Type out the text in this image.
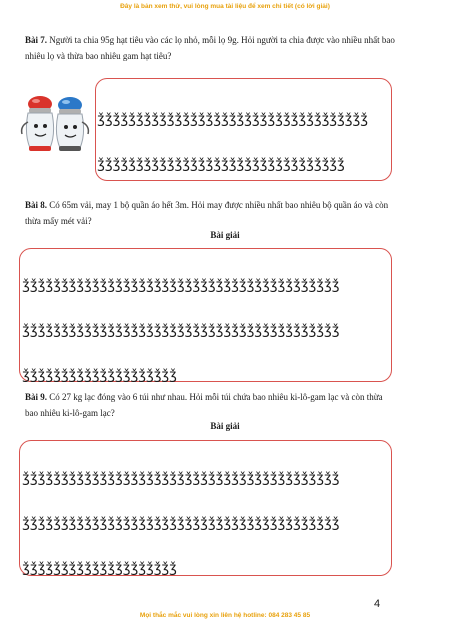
Đây là bản xem thử, vui lòng mua tài liệu để xem chi tiết (có lời giải)
Bài 7. Người ta chia 95g hạt tiêu vào các lọ nhỏ, mỗi lọ 9g. Hỏi người ta chia được vào nhiều nhất bao nhiêu lọ và thừa bao nhiêu gam hạt tiêu?

ǯǯǯǯǯǯǯǯǯǯǯǯǯǯǯǯǯǯǯǯǯǯǯǯǯǯǯǯǯǯǯǯǯǯǯ

ǯǯǯǯǯǯǯǯǯǯǯǯǯǯǯǯǯǯǯǯǯǯǯǯǯǯǯǯǯǯǯǯ

Bài 8. Có 65m vải, may 1 bộ quần áo hết 3m. Hỏi may được nhiều nhất bao nhiêu bộ quần áo và còn thừa mấy mét vải?
Bài giải

ǯǯǯǯǯǯǯǯǯǯǯǯǯǯǯǯǯǯǯǯǯǯǯǯǯǯǯǯǯǯǯǯǯǯǯǯǯǯǯǯǯ

ǯǯǯǯǯǯǯǯǯǯǯǯǯǯǯǯǯǯǯǯǯǯǯǯǯǯǯǯǯǯǯǯǯǯǯǯǯǯǯǯǯ

ǯǯǯǯǯǯǯǯǯǯǯǯǯǯǯǯǯǯǯǯ

Bài 9. Có 27 kg lạc đóng vào 6 túi như nhau. Hỏi mỗi túi chứa bao nhiêu ki-lô-gam lạc và còn thừa bao nhiêu ki-lô-gam lạc?
Bài giải

ǯǯǯǯǯǯǯǯǯǯǯǯǯǯǯǯǯǯǯǯǯǯǯǯǯǯǯǯǯǯǯǯǯǯǯǯǯǯǯǯǯ

ǯǯǯǯǯǯǯǯǯǯǯǯǯǯǯǯǯǯǯǯǯǯǯǯǯǯǯǯǯǯǯǯǯǯǯǯǯǯǯǯǯ

ǯǯǯǯǯǯǯǯǯǯǯǯǯǯǯǯǯǯǯǯ

4
Mọi thắc mắc vui lòng xin liên hệ hotline: 084 283 45 85
